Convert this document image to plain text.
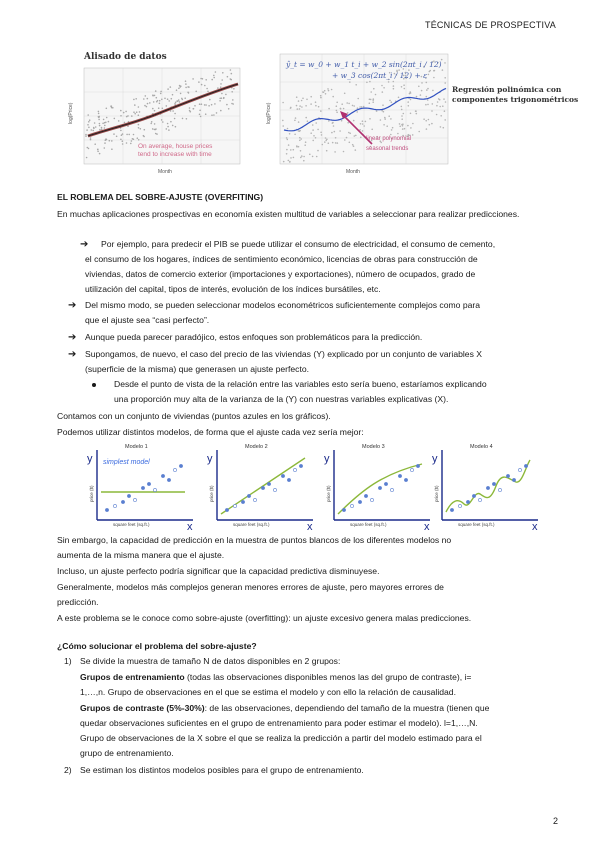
TÉCNICAS DE PROSPECTIVA
Alisado de datos
On average, house prices
tend to increase with time
Month
log(Price)
ŷ_t = w_0 + w_1 t_i + w_2 sin(2πt_i / 12)
+ w_3 cos(2πt_i / 12) + ε
linear polynomial
seasonal trends
Month
log(Price)
Regresión polinómica con
componentes trigonométricos
EL ROBLEMA DEL SOBRE-AJUSTE (OVERFITING)
En muchas aplicaciones prospectivas en economía existen multitud de variables a seleccionar para realizar predicciones.
➔ Por ejemplo, para predecir el PIB se puede utilizar el consumo de electricidad, el consumo de cemento,
el consumo de los hogares, índices de sentimiento económico, licencias de obras para construcción de
viviendas, datos de comercio exterior (importaciones y exportaciones), número de ocupados, grado de
utilización del capital, tipos de interés, evolución de los índices bursátiles, etc.
➔ Del mismo modo, se pueden seleccionar modelos econométricos suficientemente complejos como para
que el ajuste sea “casi perfecto”.
➔ Aunque pueda parecer paradójico, estos enfoques son problemáticos para la predicción.
➔ Supongamos, de nuevo, el caso del precio de las viviendas (Y) explicado por un conjunto de variables X
(superficie de la misma) que generasen un ajuste perfecto.
Desde el punto de vista de la relación entre las variables esto sería bueno, estaríamos explicando
una proporción muy alta de la varianza de la (Y) con nuestras variables explicativas (X).
Contamos con un conjunto de viviendas (puntos azules en los gráficos).
Podemos utilizar distintos modelos, de forma que el ajuste cada vez sería mejor:
Modelo 1
y
x
simplest model
square feet (sq.ft.)
price ($)
Modelo 2
y
x
square feet (sq.ft.)
price ($)
Modelo 3
y
x
square feet (sq.ft.)
price ($)
Modelo 4
y
x
square feet (sq.ft.)
price ($)
Sin embargo, la capacidad de predicción en la muestra de puntos blancos de los diferentes modelos no
aumenta de la misma manera que el ajuste.
Incluso, un ajuste perfecto podría significar que la capacidad predictiva disminuyese.
Generalmente, modelos más complejos generan menores errores de ajuste, pero mayores errores de
predicción.
A este problema se le conoce como sobre-ajuste (overfitting): un ajuste excesivo genera malas predicciones.
¿Cómo solucionar el problema del sobre-ajuste?
1) Se divide la muestra de tamaño N de datos disponibles en 2 grupos:
Grupos de entrenamiento (todas las observaciones disponibles menos las del grupo de contraste), i=
1,…,n. Grupo de observaciones en el que se estima el modelo y con ello la relación de causalidad.
Grupos de contraste (5%-30%): de las observaciones, dependiendo del tamaño de la muestra (tienen que
quedar observaciones suficientes en el grupo de entrenamiento para poder estimar el modelo). l=1,…,N.
Grupo de observaciones de la X sobre el que se realiza la predicción a partir del modelo estimado para el
grupo de entrenamiento.
2) Se estiman los distintos modelos posibles para el grupo de entrenamiento.
2
